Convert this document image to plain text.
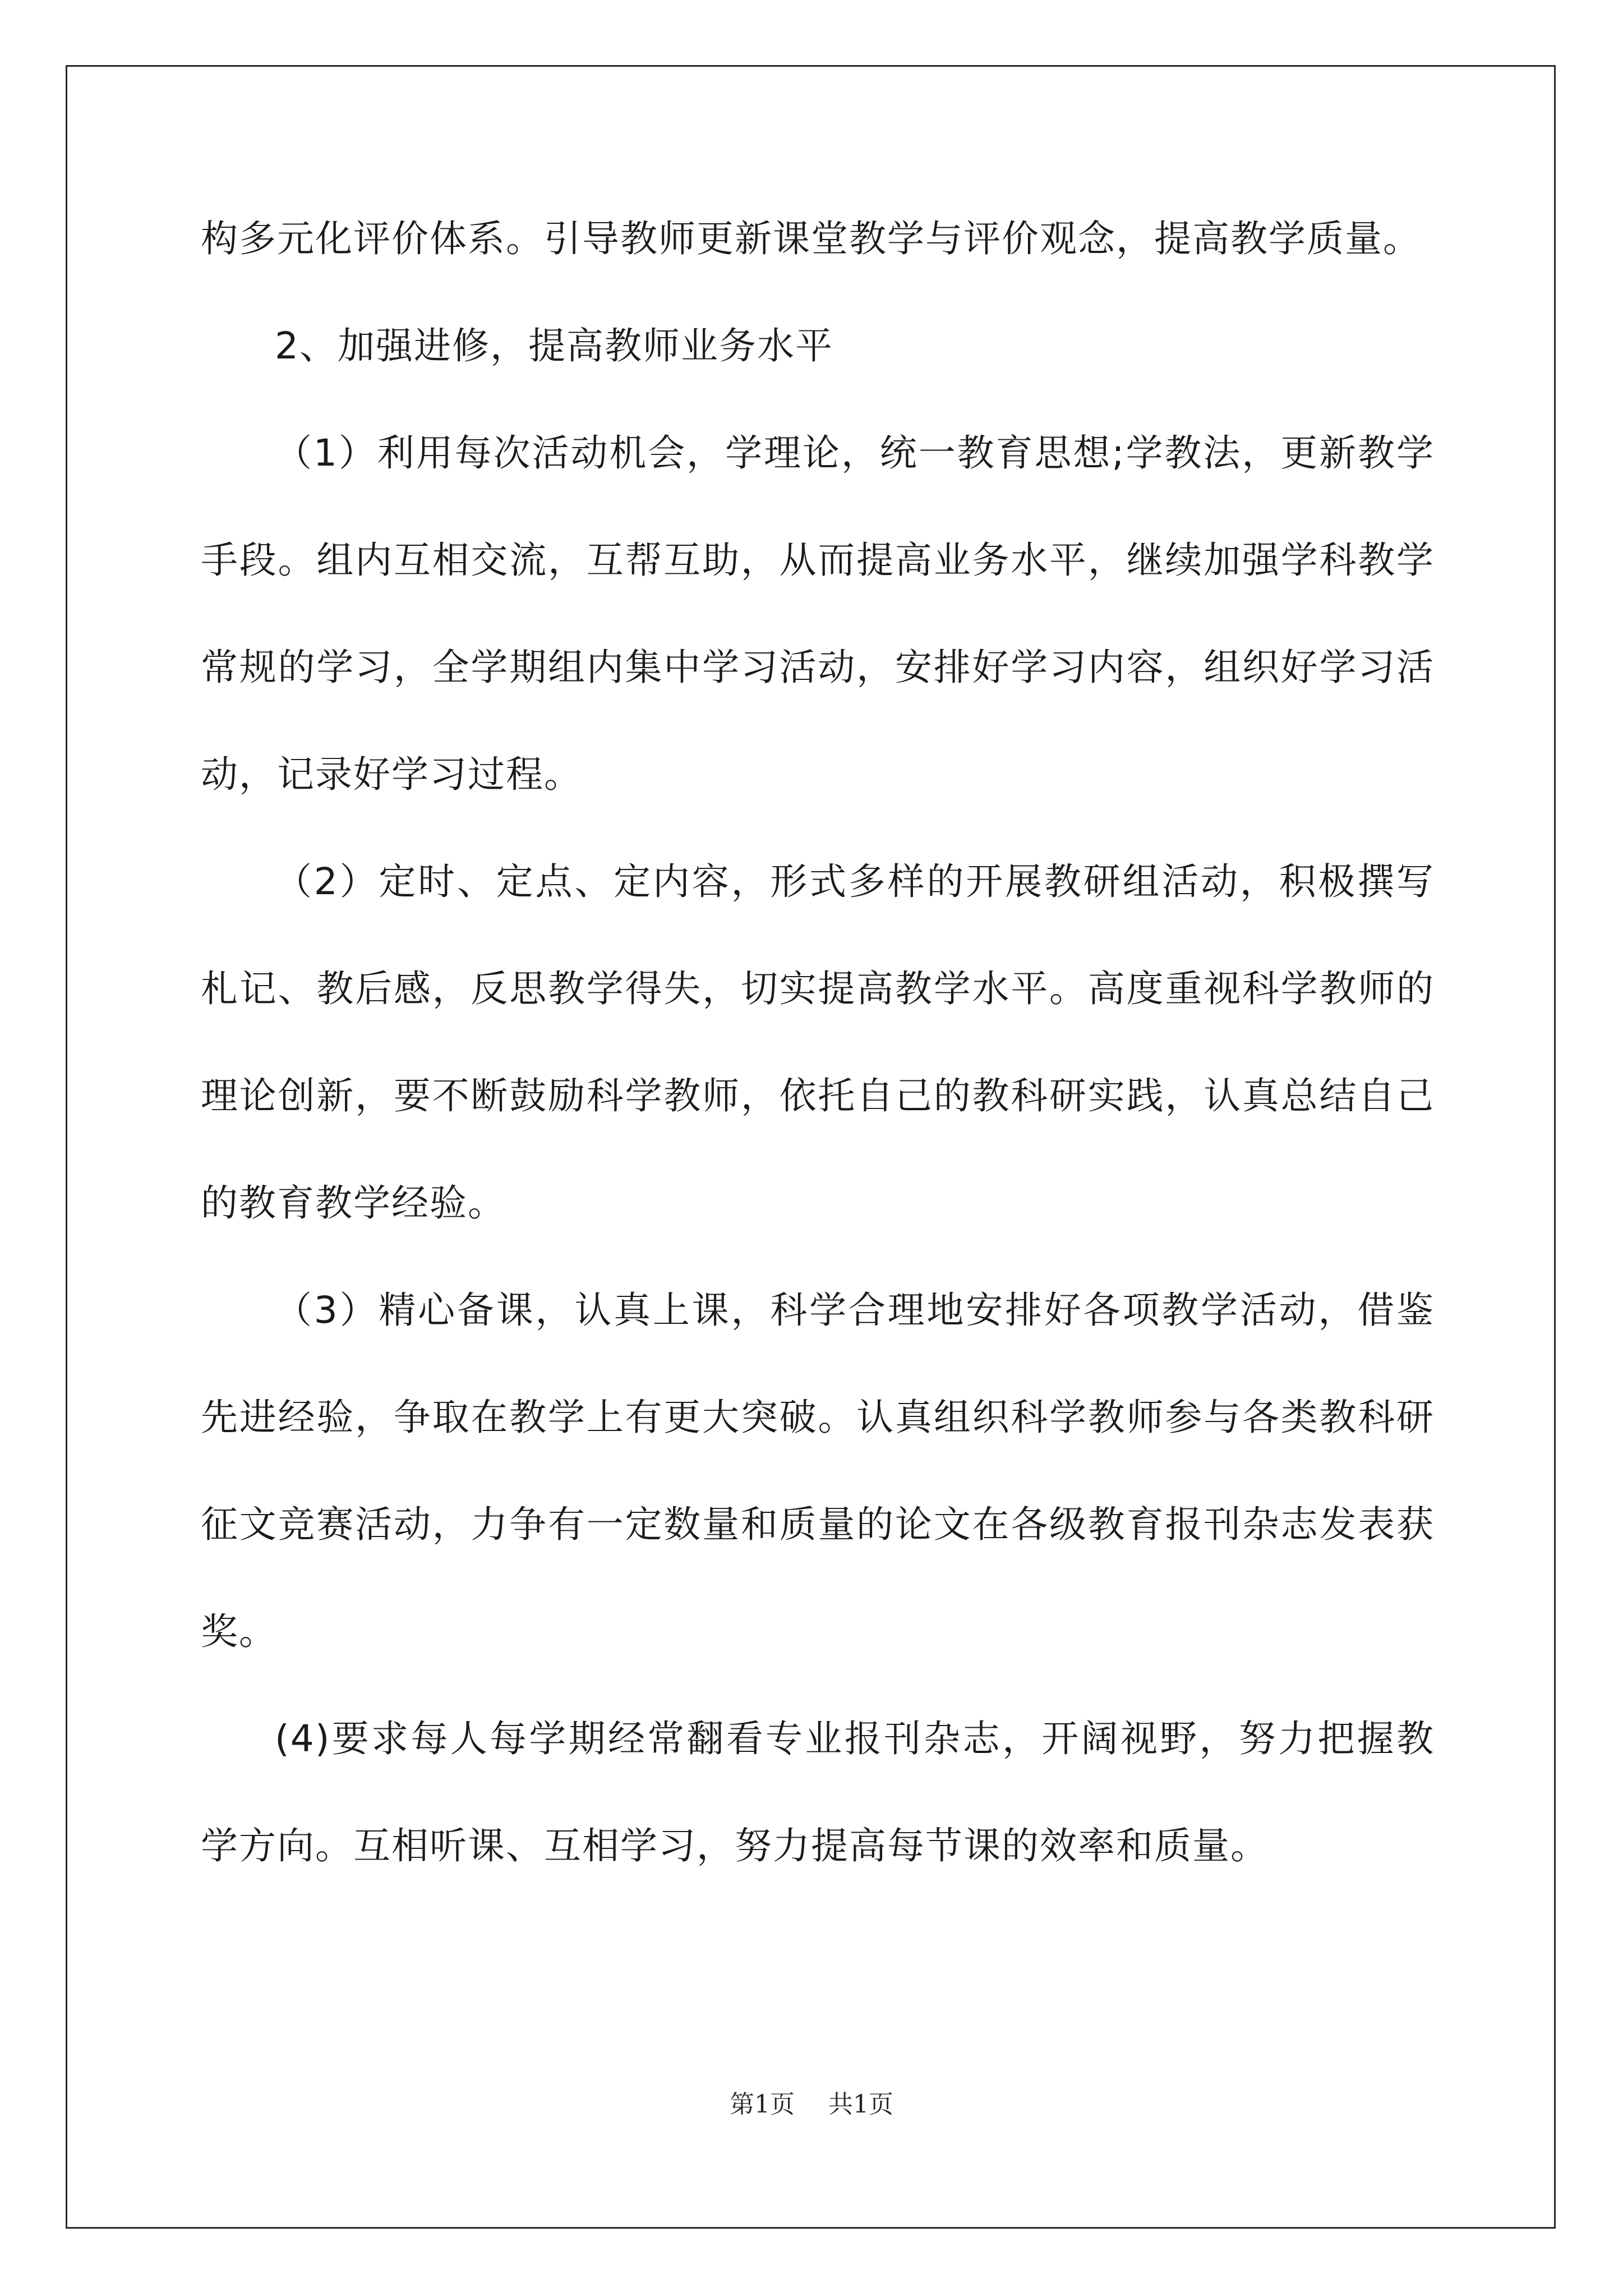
构多元化评价体系。引导教师更新课堂教学与评价观念，提高教学质量。

2、加强进修，提高教师业务水平

（1）利用每次活动机会，学理论，统一教育思想;学教法，更新教学手段。组内互相交流，互帮互助，从而提高业务水平，继续加强学科教学常规的学习，全学期组内集中学习活动，安排好学习内容，组织好学习活动，记录好学习过程。

（2）定时、定点、定内容，形式多样的开展教研组活动，积极撰写札记、教后感，反思教学得失，切实提高教学水平。高度重视科学教师的理论创新，要不断鼓励科学教师，依托自己的教科研实践，认真总结自己的教育教学经验。

（3）精心备课，认真上课，科学合理地安排好各项教学活动，借鉴先进经验，争取在教学上有更大突破。认真组织科学教师参与各类教科研征文竞赛活动，力争有一定数量和质量的论文在各级教育报刊杂志发表获奖。

(4)要求每人每学期经常翻看专业报刊杂志，开阔视野，努力把握教学方向。互相听课、互相学习，努力提高每节课的效率和质量。

第1页 共1页
